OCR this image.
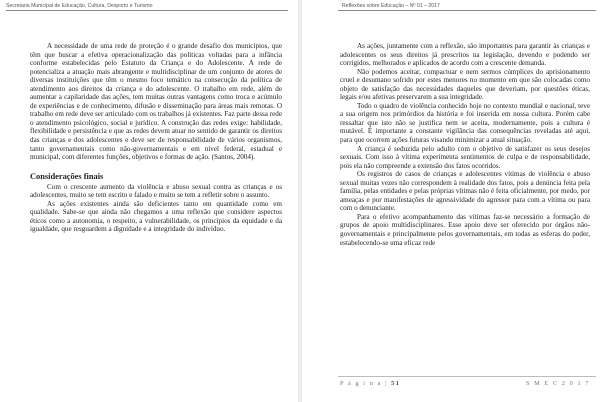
Secretaria Municipal de Educação, Cultura, Desporto e Turismo

A necessidade de uma rede de proteção é o grande desafio dos municípios, que têm que buscar a efetiva operacionalização das políticas voltadas para a infância conforme estabelecidas pelo Estatuto da Criança e do Adolescente. A rede de potencializa a atuação mais abrangente e multidisciplinar de um conjunto de atores de diversas instituições que têm o mesmo foco temático na consecução da política de atendimento aos direitos da criança e do adolescente. O trabalho em rede, além de aumentar a capilaridade das ações, tem muitas outras vantagens como troca e acúmulo de experiências e de conhecimento, difusão e disseminação para áreas mais remotas. O trabalho em rede deve ser articulado com os trabalhos já existentes. Faz parte dessa rede o atendimento psicológico, social e jurídico. A construção das redes exige: habilidade, flexibilidade e persistência e que as redes devem atuar no sentido de garantir os direitos das crianças e dos adolescentes e deve ser de responsabilidade de vários organismos, tanto governamentais como não-governamentais e em nível federal, estadual e municipal, com diferentes funções, objetivos e formas de ação. (Santos, 2004).

Considerações finais

Com o crescente aumento da violência e abuso sexual contra as crianças e os adolescentes, muito se tem escrito e falado e muito se tem a refletir sobre o assunto.

As ações existentes ainda são deficientes tanto em quantidade como em qualidade. Sabe-se que ainda não chegamos a uma reflexão que considere aspectos éticos como a autonomia, o respeito, a vulnerabilidade, os princípios da equidade e da igualdade, que resguardem a dignidade e a integridade do indivíduo.

Reflexões sobre Educação – Nº 01 – 2017

As ações, juntamente com a reflexão, são importantes para garantir às crianças e adolescentes os seus direitos já prescritos na legislação, devendo e podendo ser corrigidos, melhorados e aplicados de acordo com a crescente demanda.

Não podemos aceitar, compactuar e nem sermos cúmplices do aprisionamento cruel e desumano sofrido por estes menores no momento em que são colocadas como objeto de satisfação das necessidades daqueles que deveriam, por questões éticas, legais e/ou afetivas preservarem a sua integridade.

Todo o quadro de violência conhecido hoje no contexto mundial e nacional, teve a sua origem nos primórdios da história e foi inserida em nossa cultura. Porém cabe ressaltar que isto não se justifica nem se aceita, modernamente, pois a cultura é mutável. É importante a constante vigilância das consequências reveladas até aqui, para que ocorrem ações futuras visando minimizar a atual situação.

A criança é seduzida pelo adulto com o objetivo de satisfazer os seus desejos sexuais. Com isso à vítima experimenta sentimentos de culpa e de responsabilidade, pois ela não compreende a extensão dos fatos ocorridos.

Os registros de casos de crianças e adolescentes vítimas de violência e abuso sexual muitas vezes não correspondem à realidade dos fatos, pois a denúncia feita pela família, pelas entidades e pelas próprias vítimas não é feita oficialmente, por medo, por ameaças e por manifestações de agressividade do agressor para com a vítima ou para com o denunciante.

Para o efetivo acompanhamento das vítimas faz-se necessário a formação de grupos de apoio multidisciplinares. Esse apoio deve ser oferecido por órgãos não-governamentais e principalmente pelos governamentais, em todas as esferas do poder, estabelecendo-se uma eficaz rede

P á g i n a | 51	S M E C 2 0 1 7
